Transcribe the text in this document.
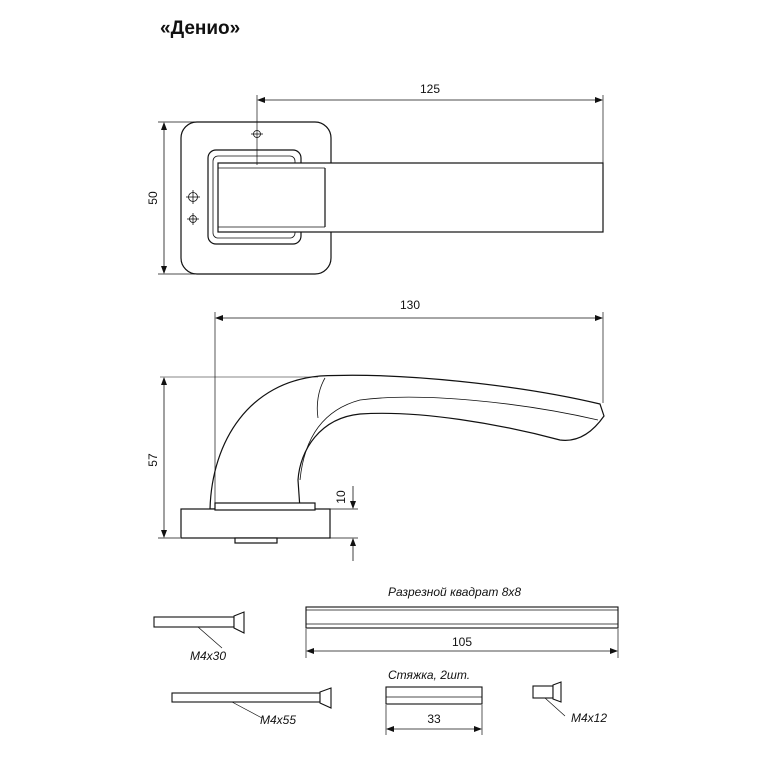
«Денио»
125
50
130
57
10
Разрезной квадрат 8х8
105
М4х30
М4х55
Стяжка, 2шт.
33	М4х12
